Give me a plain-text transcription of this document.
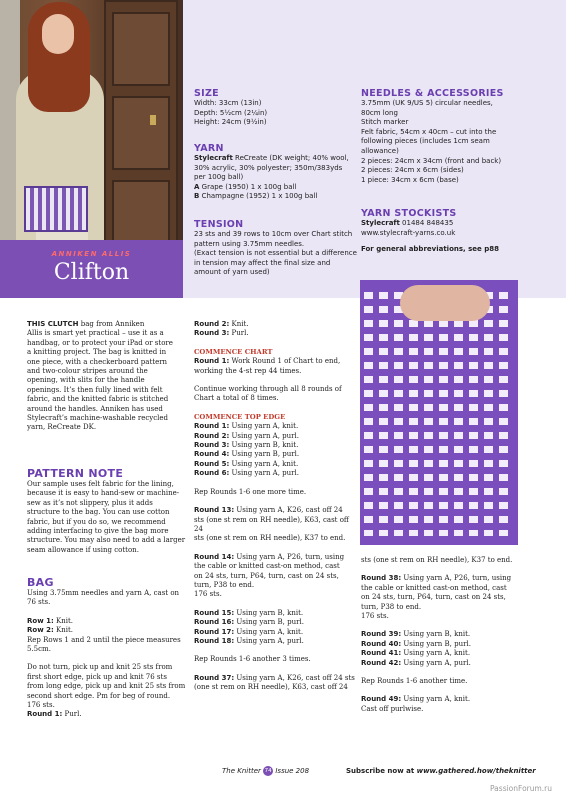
ANNIKEN ALLIS
Clifton
SIZE
Width: 33cm (13in)
Depth: 5½cm (2¼in)
Height: 24cm (9½in)
YARN
Stylecraft ReCreate (DK weight; 40% wool,
30% acrylic, 30% polyester; 350m/383yds
per 100g ball)
A Grape (1950) 1 x 100g ball
B Champagne (1952) 1 x 100g ball
TENSION
23 sts and 39 rows to 10cm over Chart stitch
pattern using 3.75mm needles.
(Exact tension is not essential but a difference
in tension may affect the final size and
amount of yarn used)
NEEDLES & ACCESSORIES
3.75mm (UK 9/US 5) circular needles,
80cm long
Stitch marker
Felt fabric, 54cm x 40cm – cut into the
following pieces (includes 1cm seam
allowance)
2 pieces: 24cm x 34cm (front and back)
2 pieces: 24cm x 6cm (sides)
1 piece: 34cm x 6cm (base)
YARN STOCKISTS
Stylecraft 01484 848435
www.stylecraft-yarns.co.uk
For general abbreviations, see p88
THIS CLUTCH bag from Anniken
Allis is smart yet practical – use it as a
handbag, or to protect your iPad or store
a knitting project. The bag is knitted in
one piece, with a checkerboard pattern
and two-colour stripes around the
opening, with slits for the handle
openings. It’s then fully lined with felt
fabric, and the knitted fabric is stitched
around the handles. Anniken has used
Stylecraft’s machine-washable recycled
yarn, ReCreate DK.
PATTERN NOTE
Our sample uses felt fabric for the lining,
because it is easy to hand-sew or machine-
sew as it’s not slippery, plus it adds
structure to the bag. You can use cotton
fabric, but if you do so, we recommend
adding interfacing to give the bag more
structure. You may also need to add a larger
seam allowance if using cotton.
BAG
Using 3.75mm needles and yarn A, cast on
76 sts.
Row 1: Knit.
Row 2: Knit.
Rep Rows 1 and 2 until the piece measures
5.5cm.
Do not turn, pick up and knit 25 sts from
first short edge, pick up and knit 76 sts
from long edge, pick up and knit 25 sts from
second short edge. Pm for beg of round.
176 sts.
Round 1: Purl.
Round 2: Knit.
Round 3: Purl.
COMMENCE CHART
Round 1: Work Round 1 of Chart to end,
working the 4-st rep 44 times.
Continue working through all 8 rounds of
Chart a total of 8 times.
COMMENCE TOP EDGE
Round 1: Using yarn A, knit.
Round 2: Using yarn A, purl.
Round 3: Using yarn B, knit.
Round 4: Using yarn B, purl.
Round 5: Using yarn A, knit.
Round 6: Using yarn A, purl.
Rep Rounds 1-6 one more time.
Round 13: Using yarn A, K26, cast off 24
sts (one st rem on RH needle), K63, cast off 24
sts (one st rem on RH needle), K37 to end.
Round 14: Using yarn A, P26, turn, using
the cable or knitted cast-on method, cast
on 24 sts, turn, P64, turn, cast on 24 sts,
turn, P38 to end.
176 sts.
Round 15: Using yarn B, knit.
Round 16: Using yarn B, purl.
Round 17: Using yarn A, knit.
Round 18: Using yarn A, purl.
Rep Rounds 1-6 another 3 times.
Round 37: Using yarn A, K26, cast off 24 sts
(one st rem on RH needle), K63, cast off 24
sts (one st rem on RH needle), K37 to end.
Round 38: Using yarn A, P26, turn, using
the cable or knitted cast-on method, cast
on 24 sts, turn, P64, turn, cast on 24 sts,
turn, P38 to end.
176 sts.
Round 39: Using yarn B, knit.
Round 40: Using yarn B, purl.
Round 41: Using yarn A, knit.
Round 42: Using yarn A, purl.
Rep Rounds 1-6 another time.
Round 49: Using yarn A, knit.
Cast off purlwise.
The Knitter 74 Issue 208	Subscribe now at www.gathered.how/theknitter
PassionForum.ru
